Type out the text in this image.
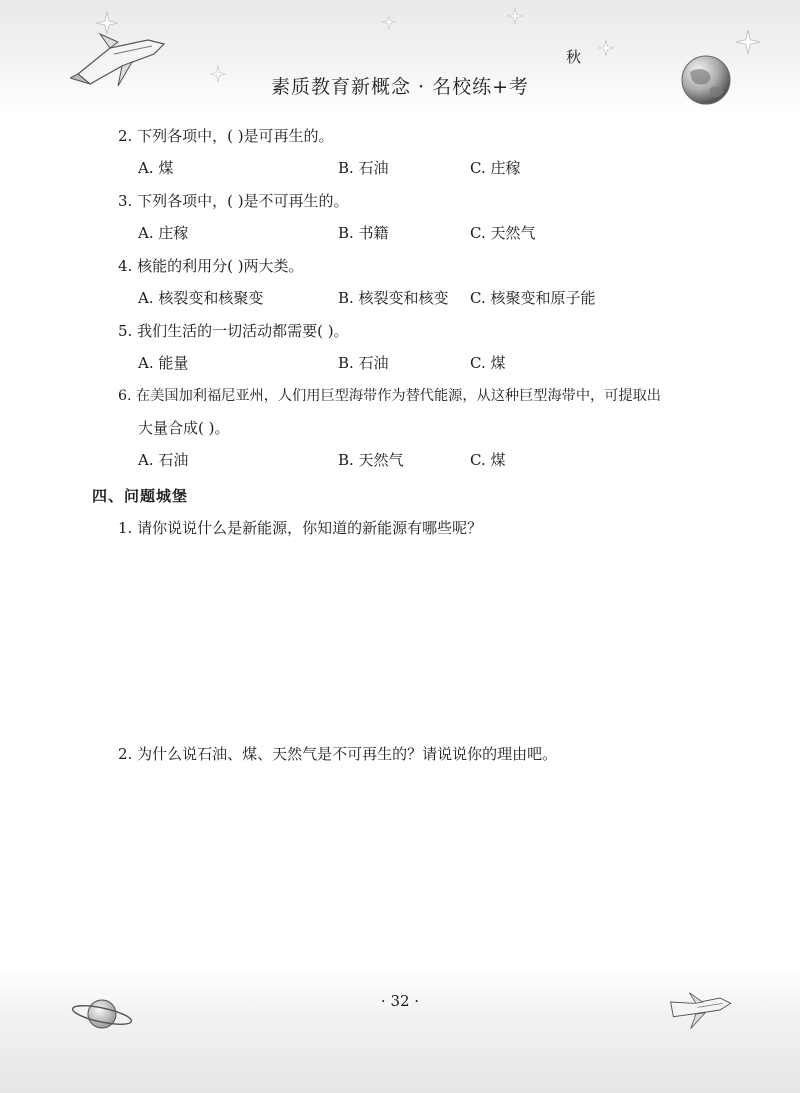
秋
素质教育新概念 · 名校练+考
2. 下列各项中，( )是可再生的。
A. 煤	B. 石油	C. 庄稼
3. 下列各项中，( )是不可再生的。
A. 庄稼	B. 书籍	C. 天然气
4. 核能的利用分( )两大类。
A. 核裂变和核聚变	B. 核裂变和核变 C. 核聚变和原子能
5. 我们生活的一切活动都需要( )。
A. 能量	B. 石油	C. 煤
6. 在美国加利福尼亚州，人们用巨型海带作为替代能源，从这种巨型海带中，可提取出
大量合成( )。
A. 石油	B. 天然气	C. 煤
四、问题城堡
1. 请你说说什么是新能源，你知道的新能源有哪些呢？
2. 为什么说石油、煤、天然气是不可再生的？请说说你的理由吧。
· 32 ·
